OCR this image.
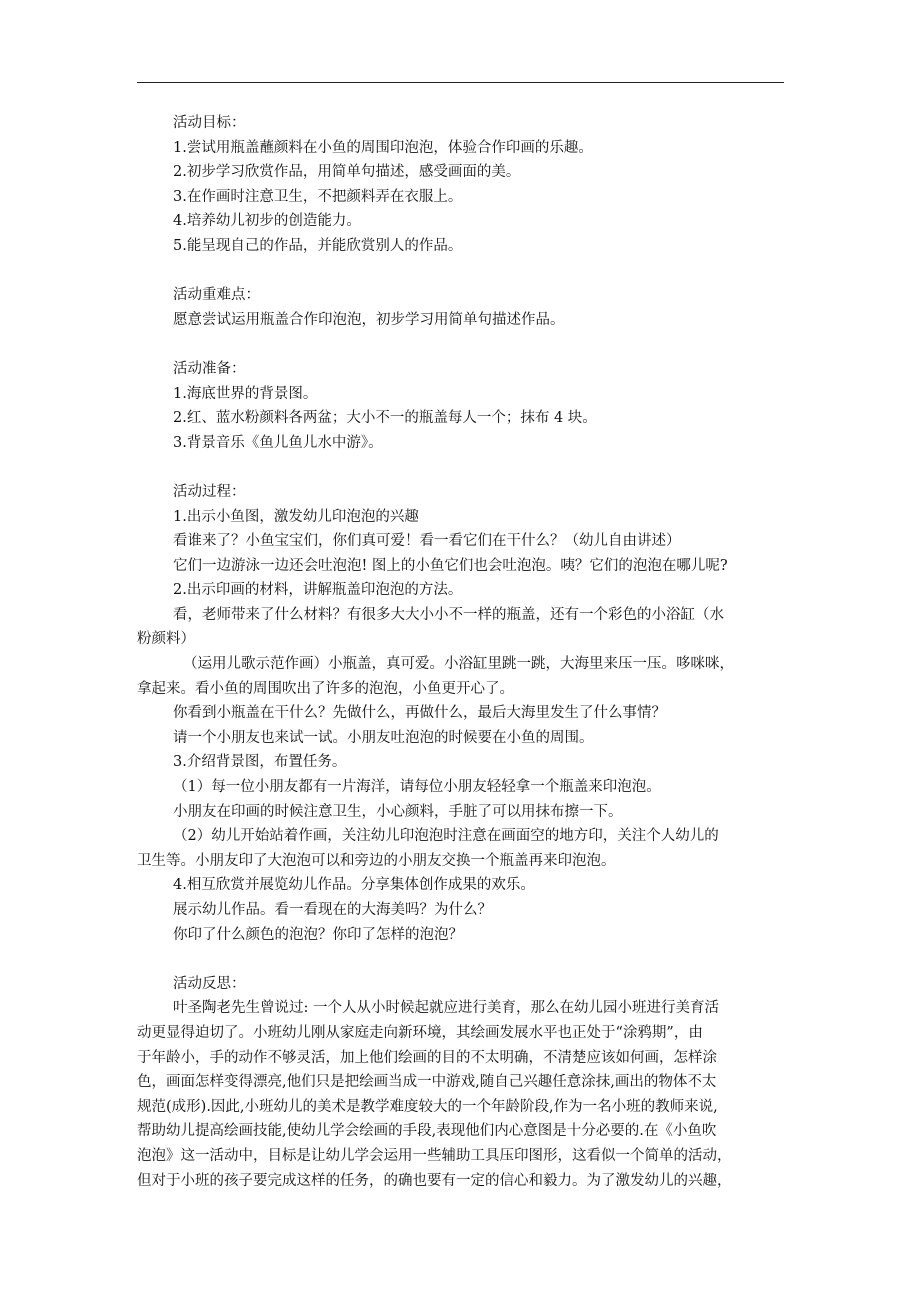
活动目标：
1.尝试用瓶盖蘸颜料在小鱼的周围印泡泡，体验合作印画的乐趣。
2.初步学习欣赏作品，用简单句描述，感受画面的美。
3.在作画时注意卫生，不把颜料弄在衣服上。
4.培养幼儿初步的创造能力。
5.能呈现自己的作品，并能欣赏别人的作品。
活动重难点：
愿意尝试运用瓶盖合作印泡泡，初步学习用简单句描述作品。
活动准备：
1.海底世界的背景图。
2.红、蓝水粉颜料各两盆；大小不一的瓶盖每人一个；抹布 4 块。
3.背景音乐《鱼儿鱼儿水中游》。
活动过程：
1.出示小鱼图，激发幼儿印泡泡的兴趣
看谁来了？小鱼宝宝们，你们真可爱！看一看它们在干什么？（幼儿自由讲述）
它们一边游泳一边还会吐泡泡! 图上的小鱼它们也会吐泡泡。咦？它们的泡泡在哪儿呢?
2.出示印画的材料，讲解瓶盖印泡泡的方法。
看，老师带来了什么材料？有很多大大小小不一样的瓶盖，还有一个彩色的小浴缸（水
粉颜料）
（运用儿歌示范作画）小瓶盖，真可爱。小浴缸里跳一跳，大海里来压一压。哆咪咪，
拿起来。看小鱼的周围吹出了许多的泡泡，小鱼更开心了。
你看到小瓶盖在干什么？先做什么，再做什么，最后大海里发生了什么事情？
请一个小朋友也来试一试。小朋友吐泡泡的时候要在小鱼的周围。
3.介绍背景图，布置任务。
（1）每一位小朋友都有一片海洋，请每位小朋友轻轻拿一个瓶盖来印泡泡。
小朋友在印画的时候注意卫生，小心颜料，手脏了可以用抹布擦一下。
（2）幼儿开始站着作画，关注幼儿印泡泡时注意在画面空的地方印，关注个人幼儿的
卫生等。小朋友印了大泡泡可以和旁边的小朋友交换一个瓶盖再来印泡泡。
4.相互欣赏并展览幼儿作品。分享集体创作成果的欢乐。
展示幼儿作品。看一看现在的大海美吗？为什么？
你印了什么颜色的泡泡？你印了怎样的泡泡？
活动反思：
叶圣陶老先生曾说过: 一个人从小时候起就应进行美育，那么在幼儿园小班进行美育活
动更显得迫切了。小班幼儿刚从家庭走向新环境，其绘画发展水平也正处于“涂鸦期”，由
于年龄小，手的动作不够灵活，加上他们绘画的目的不太明确，不清楚应该如何画，怎样涂
色，画面怎样变得漂亮,他们只是把绘画当成一中游戏,随自己兴趣任意涂抹,画出的物体不太
规范(成形).因此,小班幼儿的美术是教学难度较大的一个年龄阶段,作为一名小班的教师来说,
帮助幼儿提高绘画技能,使幼儿学会绘画的手段,表现他们内心意图是十分必要的.在《小鱼吹
泡泡》这一活动中，目标是让幼儿学会运用一些辅助工具压印图形，这看似一个简单的活动，
但对于小班的孩子要完成这样的任务，的确也要有一定的信心和毅力。为了激发幼儿的兴趣，
